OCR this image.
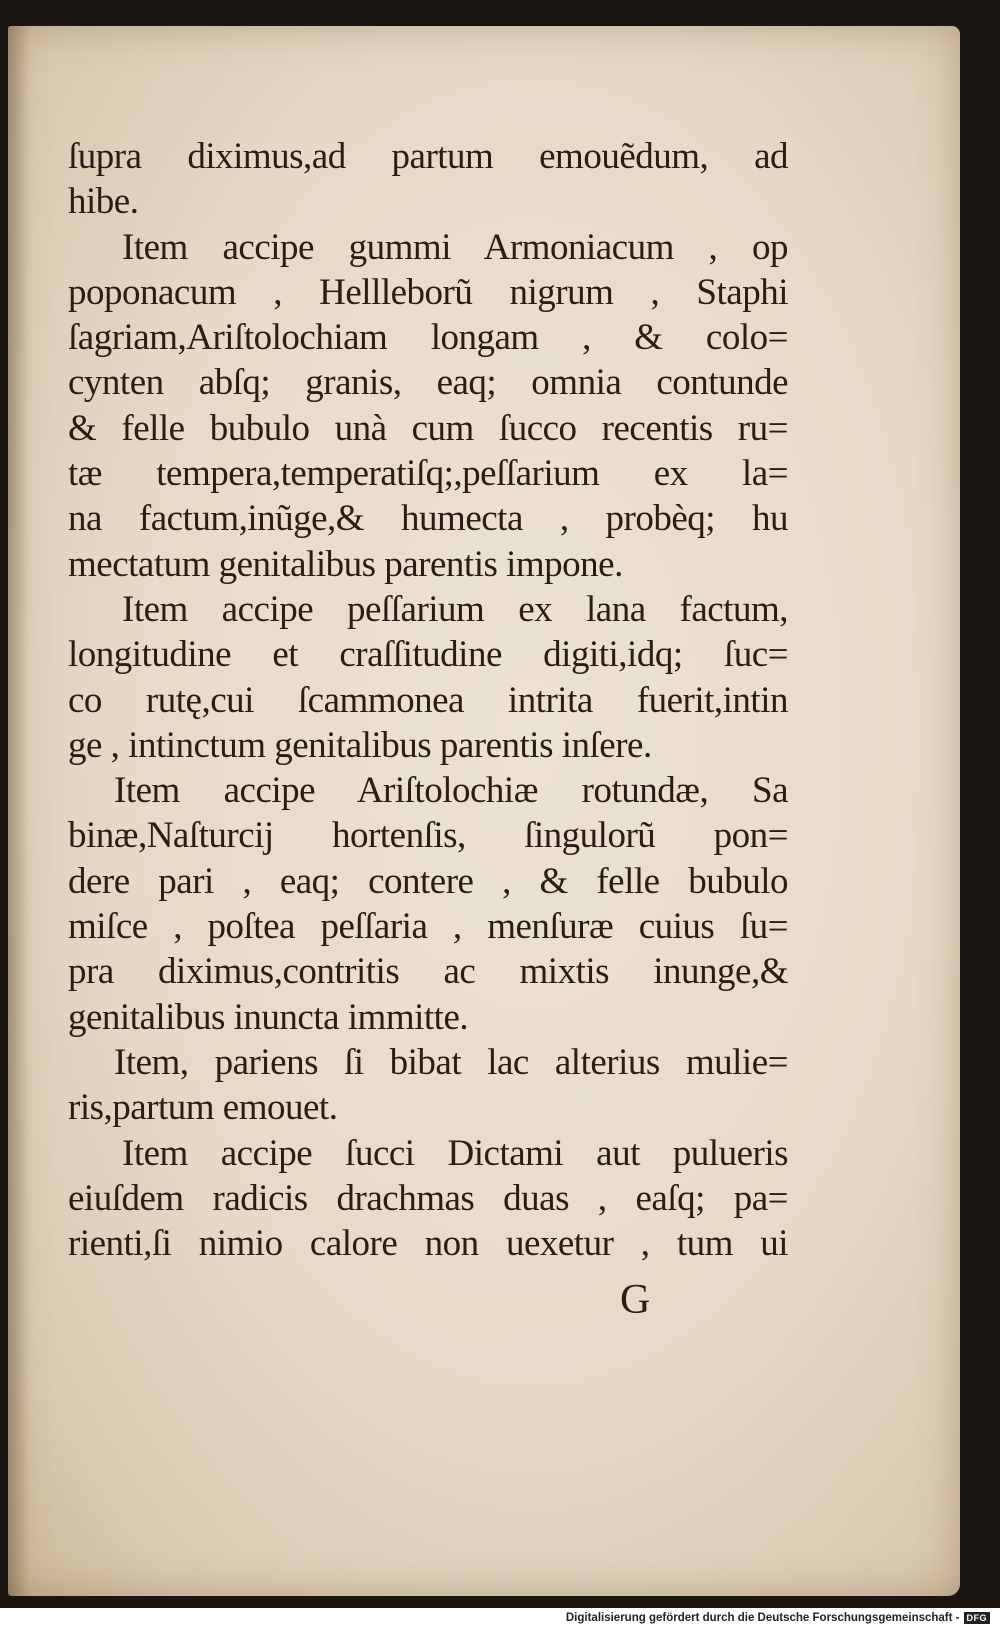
ſupra diximus,ad partum emouẽdum, ad
hibe.
Item accipe gummi Armoniacum , op
poponacum , Hellleborũ nigrum , Staphi
ſagriam,Ariſtolochiam longam , & colo=
cynten abſq; granis, eaq; omnia contunde
& felle bubulo unà cum ſucco recentis ru=
tæ tempera,temperatiſq;,peſſarium ex la=
na factum,inũge,& humecta , probèq; hu
mectatum genitalibus parentis impone.
Item accipe peſſarium ex lana factum,
longitudine et craſſitudine digiti,idq; ſuc=
co rutę,cui ſcammonea intrita fuerit,intin
ge , intinctum genitalibus parentis inſere.
Item accipe Ariſtolochiæ rotundæ, Sa
binæ,Naſturcij hortenſis, ſingulorũ pon=
dere pari , eaq; contere , & felle bubulo
miſce , poſtea peſſaria , menſuræ cuius ſu=
pra diximus,contritis ac mixtis inunge,&
genitalibus inuncta immitte.
Item, pariens ſi bibat lac alterius mulie=
ris,partum emouet.
Item accipe ſucci Dictami aut pulueris
eiuſdem radicis drachmas duas , eaſq; pa=
rienti,ſi nimio calore non uexetur , tum ui
G
Digitalisierung gefördert durch die Deutsche Forschungsgemeinschaft - DFG
